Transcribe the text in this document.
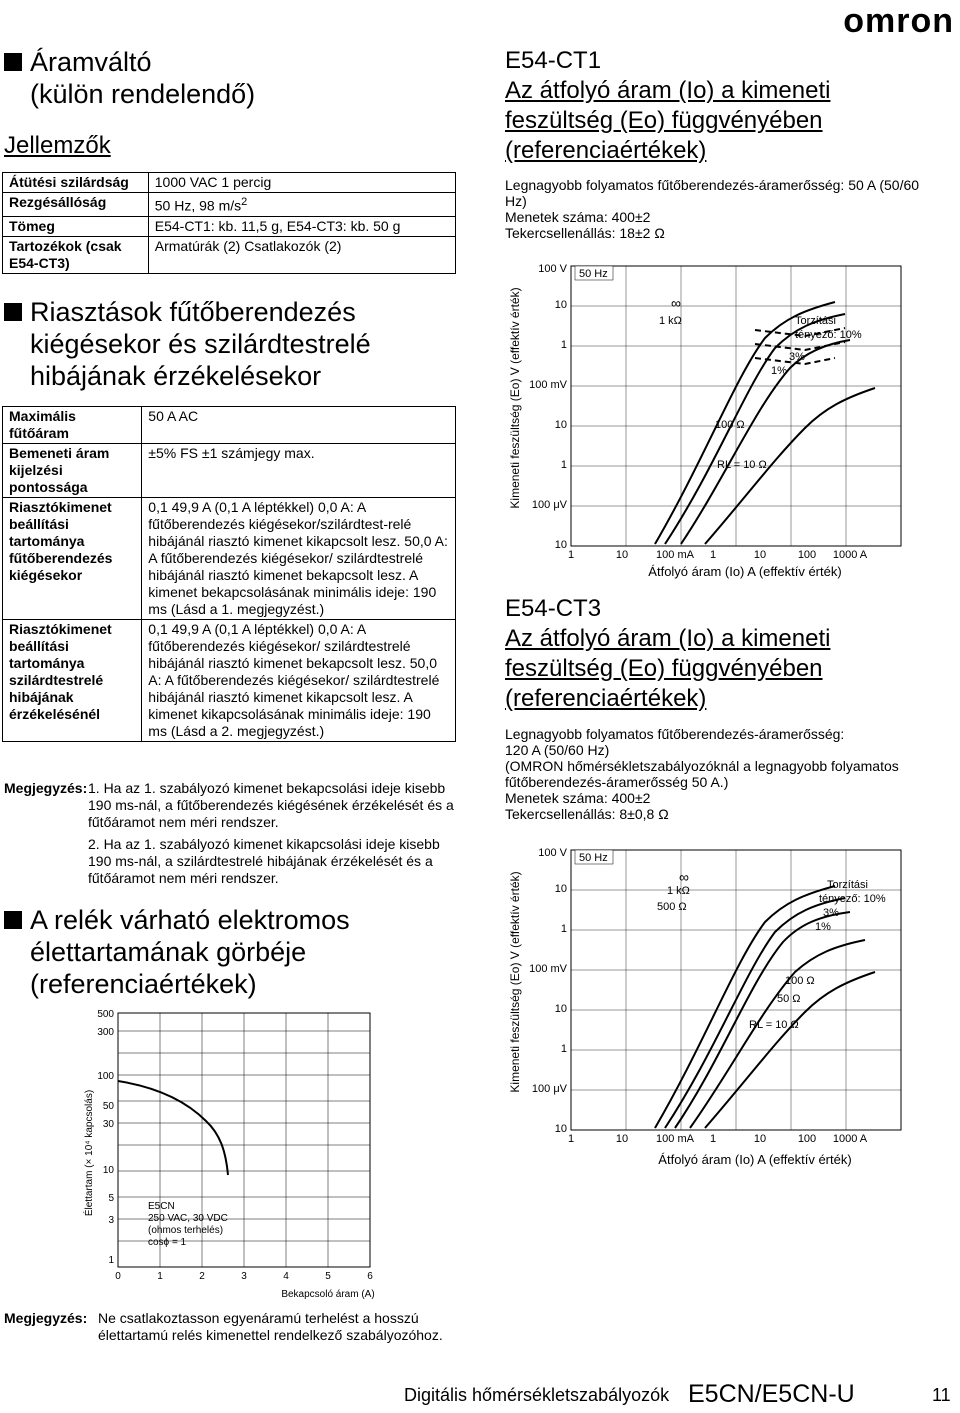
omron
Áramváltó
(külön rendelendő)
Jellemzők
Átütési szilárdság	1000 VAC 1 percig
Rezgésállóság	50 Hz, 98 $m/s^2$
Tömeg	E54-CT1: kb. 11,5 g, E54-CT3: kb. 50 g
Tartozékok (csak E54-CT3)	Armatúrák (2) Csatlakozók (2)
Riasztások fűtőberendezés
kiégésekor és szilárdtestrelé
hibájának érzékelésekor
Maximális fűtőáram	50 A AC
Bemeneti áram kijelzési pontossága	±5% FS ±1 számjegy max.
Riasztókimenet beállítási tartománya fűtőberendezés kiégésekor	0,1 49,9 A (0,1 A léptékkel) 0,0 A: A fűtőberendezés kiégésekor/szilárdtest-relé hibájánál riasztó kimenet kikapcsolt lesz. 50,0 A: A fűtőberendezés kiégésekor/ szilárdtestrelé hibájánál riasztó kimenet bekapcsolt lesz. A kimenet bekapcsolásának minimális ideje: 190 ms (Lásd a 1. megjegyzést.)
Riasztókimenet beállítási tartománya szilárdtestrelé hibájának érzékelésénél	0,1 49,9 A (0,1 A léptékkel) 0,0 A: A fűtőberendezés kiégésekor/ szilárdtestrelé hibájánál riasztó kimenet bekapcsolt lesz. 50,0 A: A fűtőberendezés kiégésekor/ szilárdtestrelé hibájánál riasztó kimenet kikapcsolt lesz. A kimenet kikapcsolásának minimális ideje: 190 ms (Lásd a 2. megjegyzést.)
Megjegyzés: 1. Ha az 1. szabályozó kimenet bekapcsolási ideje kisebb 190 ms-nál, a fűtőberendezés kiégésének érzékelését és a fűtőáramot nem méri rendszer.
2. Ha az 1. szabályozó kimenet kikapcsolási ideje kisebb 190 ms-nál, a szilárdtestrelé hibájának érzékelését és a fűtőáramot nem méri rendszer.
A relék várható elektromos
élettartamának görbéje
(referenciaértékek)
Élettartam (× 10⁴ kapcsolás)
500
300
100
50
30
10
5
3
1
0	1	2	3	4	5	6
Bekapcsoló áram (A)
E5CN
250 VAC, 30 VDC
(ohmos terhelés)
cosϕ = 1
Megjegyzés: Ne csatlakoztasson egyenáramú terhelést a hosszú
élettartamú relés kimenettel rendelkező szabályozóhoz.
E54-CT1
Az átfolyó áram (Io) a kimeneti
feszültség (Eo) függvényében
(referenciaértékek)
Legnagyobb folyamatos fűtőberendezés-áramerősség: 50 A (50/60
Hz)
Menetek száma: 400±2
Tekercsellenállás: 18±2 Ω
Kimeneti feszültség (Eo) V (effektív érték)
100 V
10
1
100 mV
10
1
100 μV
10
1	10	100 mA 1	10	100 1000 A
Átfolyó áram (Io) A (effektív érték)
50 Hz
∞
1 kΩ	Torzítási
tényező: 10%
3%
1%
100 Ω
RL = 10 Ω
E54-CT3
Az átfolyó áram (Io) a kimeneti
feszültség (Eo) függvényében
(referenciaértékek)
Legnagyobb folyamatos fűtőberendezés-áramerősség:
120 A (50/60 Hz)
(OMRON hőmérsékletszabályozóknál a legnagyobb folyamatos
fűtőberendezés-áramerősség 50 A.)
Menetek száma: 400±2
Tekercsellenállás: 8±0,8 Ω
Kimeneti feszültség (Eo) V (effektív érték)
100 V
10
1
100 mV
10
1
100 μV
10
1	10	100 mA 1	10	100 1000 A
Átfolyó áram (Io) A (effektív érték)
50 Hz
∞
1 kΩ
500 Ω
Torzítási
tényező: 10%
3%
1%
100 Ω
50 Ω
RL = 10 Ω
Digitális hőmérsékletszabályozók E5CN/E5CN-U	11
